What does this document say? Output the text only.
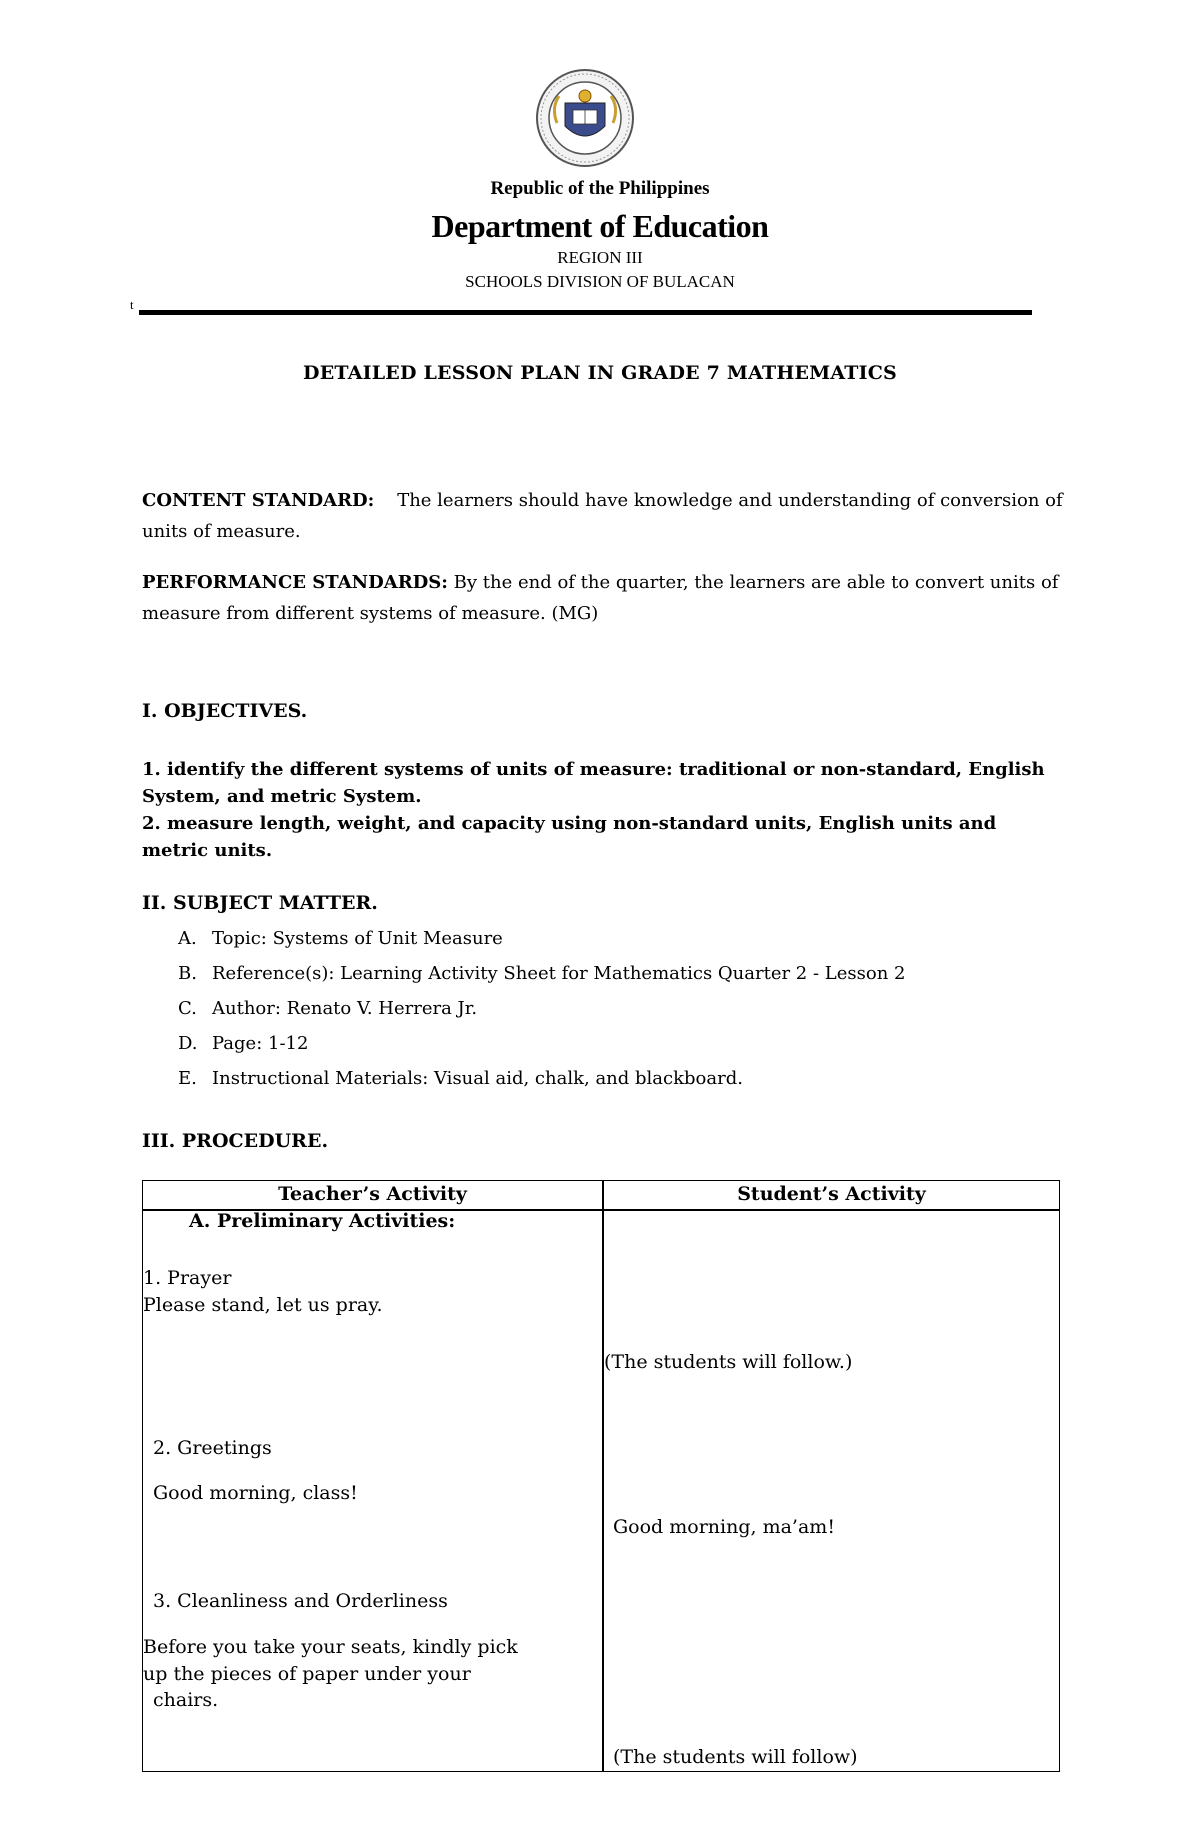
Republic of the Philippines
Department of Education
REGION III
SCHOOLS DIVISION OF BULACAN
t
DETAILED LESSON PLAN IN GRADE 7 MATHEMATICS
CONTENT STANDARD: The learners should have knowledge and understanding of conversion of units of measure.
PERFORMANCE STANDARDS: By the end of the quarter, the learners are able to convert units of measure from different systems of measure. (MG)
I. OBJECTIVES.
1. identify the different systems of units of measure: traditional or non-standard, English System, and metric System.
2. measure length, weight, and capacity using non-standard units, English units and metric units.
II. SUBJECT MATTER.
A. Topic: Systems of Unit Measure
B. Reference(s): Learning Activity Sheet for Mathematics Quarter 2 - Lesson 2
C. Author: Renato V. Herrera Jr.
D. Page: 1-12
E. Instructional Materials: Visual aid, chalk, and blackboard.
III. PROCEDURE.
Teacher’s Activity	Student’s Activity
A. Preliminary Activities:
1. Prayer
Please stand, let us pray.
(The students will follow.)
2. Greetings
Good morning, class!
Good morning, ma’am!
3. Cleanliness and Orderliness
Before you take your seats, kindly pick
up the pieces of paper under your
chairs.
(The students will follow)
